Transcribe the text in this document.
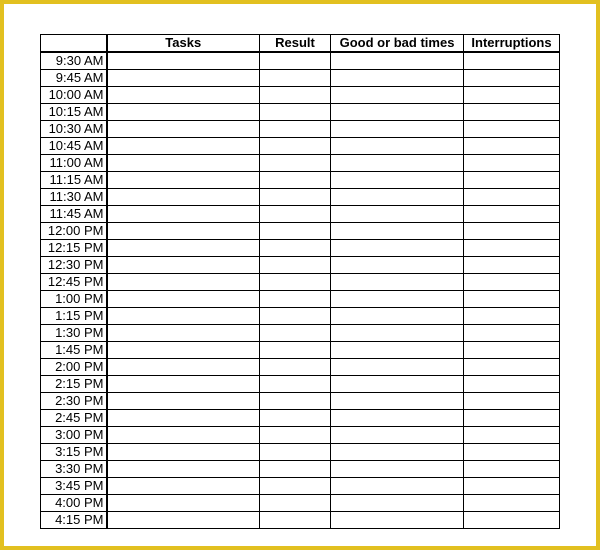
	Tasks	Result	Good or bad times	Interruptions
9:30 AM				
9:45 AM				
10:00 AM				
10:15 AM				
10:30 AM				
10:45 AM				
11:00 AM				
11:15 AM				
11:30 AM				
11:45 AM				
12:00 PM				
12:15 PM				
12:30 PM				
12:45 PM				
1:00 PM				
1:15 PM				
1:30 PM				
1:45 PM				
2:00 PM				
2:15 PM				
2:30 PM				
2:45 PM				
3:00 PM				
3:15 PM				
3:30 PM				
3:45 PM				
4:00 PM				
4:15 PM				
